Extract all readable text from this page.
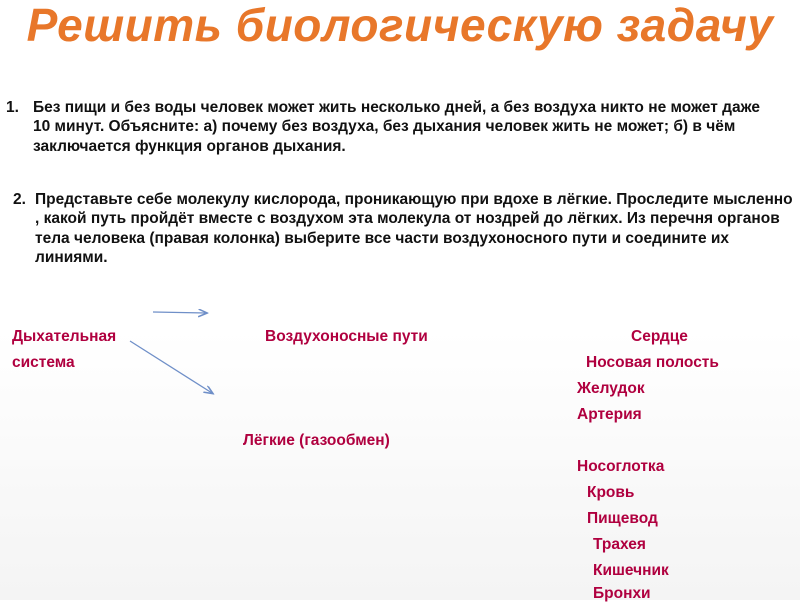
Решить биологическую задачу
1. Без пищи и без воды человек может жить несколько дней, а без воздуха никто не может даже 10 минут. Объясните: а) почему без воздуха, без дыхания человек жить не может; б) в чём заключается функция органов дыхания.
2. Представьте себе молекулу кислорода, проникающую при вдохе в лёгкие. Проследите мысленно , какой путь пройдёт вместе с воздухом эта молекула от ноздрей до лёгких. Из перечня органов тела человека (правая колонка) выберите все части воздухоносного пути и соедините их линиями.
Дыхательная
система
Воздухоносные пути
Лёгкие (газообмен)
Сердце
Носовая полость
Желудок
Артерия
Носоглотка
Кровь
Пищевод
Трахея
Кишечник
Бронхи
